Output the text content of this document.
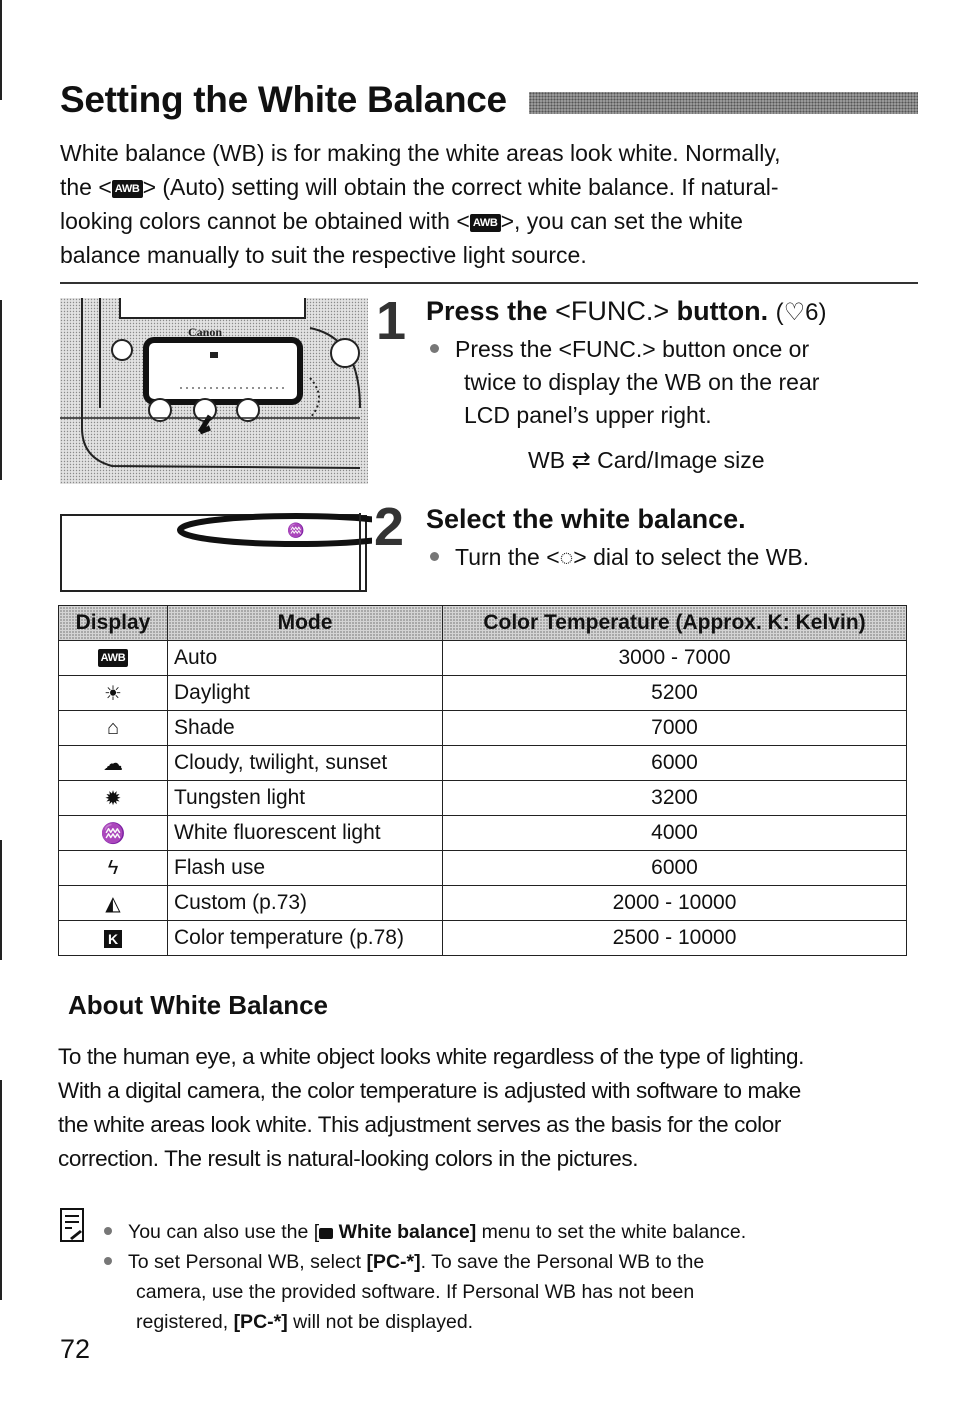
Setting the White Balance

White balance (WB) is for making the white areas look white. Normally,

the < AWB > (Auto) setting will obtain the correct white balance. If natural-

looking colors cannot be obtained with < AWB >, you can set the white

balance manually to suit the respective light source.

Canon	1 Press the <FUNC.> button. (♡6)
Press the <FUNC.> button once or
twice to display the WB on the rear
LCD panel’s upper right.
WB ⇄ Card/Image size
♒ 2 Select the white balance.
Turn the <◌> dial to select the WB.
Display	Mode	Color Temperature (Approx. K: Kelvin)
AWB	Auto	3000 - 7000
☀	Daylight	5200
⌂	Shade	7000
☁	Cloudy, twilight, sunset	6000
✹	Tungsten light	3200
♒	White fluorescent light	4000
ϟ	Flash use	6000
◭	Custom (p.73)	2000 - 10000
K	Color temperature (p.78)	2500 - 10000
About White Balance

To the human eye, a white object looks white regardless of the type of lighting.

With a digital camera, the color temperature is adjusted with software to make

the white areas look white. This adjustment serves as the basis for the color

correction. The result is natural-looking colors in the pictures.

You can also use the [ White balance] menu to set the white balance.
To set Personal WB, select [PC-*]. To save the Personal WB to the
camera, use the provided software. If Personal WB has not been
registered, [PC-*] will not be displayed.
72
